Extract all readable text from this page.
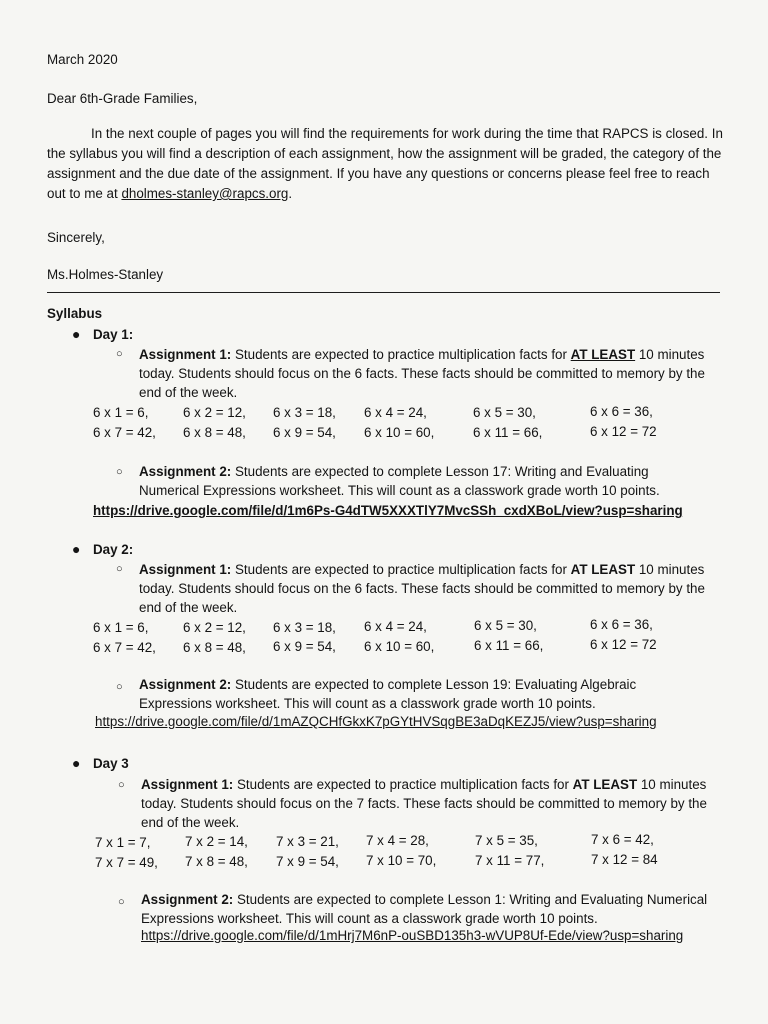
March 2020
Dear 6th-Grade Families,
In the next couple of pages you will find the requirements for work during the time that RAPCS is closed. In the syllabus you will find a description of each assignment, how the assignment will be graded, the category of the assignment and the due date of the assignment. If you have any questions or concerns please feel free to reach out to me at dholmes-stanley@rapcs.org.
Sincerely,
Ms.Holmes-Stanley
Syllabus
● Day 1:
○ Assignment 1: Students are expected to practice multiplication facts for AT LEAST 10 minutes today. Students should focus on the 6 facts. These facts should be committed to memory by the end of the week.
6 x 1 = 6,	6 x 2 = 12, 6 x 3 = 18, 6 x 4 = 24,	6 x 5 = 30,	6 x 6 = 36,
6 x 7 = 42, 6 x 8 = 48, 6 x 9 = 54, 6 x 10 = 60,	6 x 11 = 66,	6 x 12 = 72
○ Assignment 2: Students are expected to complete Lesson 17: Writing and Evaluating Numerical Expressions worksheet. This will count as a classwork grade worth 10 points.
https://drive.google.com/file/d/1m6Ps-G4dTW5XXXTlY7MvcSSh_cxdXBoL/view?usp=sharing
● Day 2:
○ Assignment 1: Students are expected to practice multiplication facts for AT LEAST 10 minutes today. Students should focus on the 6 facts. These facts should be committed to memory by the end of the week.
6 x 1 = 6,	6 x 2 = 12, 6 x 3 = 18, 6 x 4 = 24,	6 x 5 = 30,	6 x 6 = 36,
6 x 7 = 42, 6 x 8 = 48, 6 x 9 = 54, 6 x 10 = 60,	6 x 11 = 66,	6 x 12 = 72
○ Assignment 2: Students are expected to complete Lesson 19: Evaluating Algebraic Expressions worksheet. This will count as a classwork grade worth 10 points.
https://drive.google.com/file/d/1mAZQCHfGkxK7pGYtHVSqgBE3aDqKEZJ5/view?usp=sharing
● Day 3
○ Assignment 1: Students are expected to practice multiplication facts for AT LEAST 10 minutes today. Students should focus on the 7 facts. These facts should be committed to memory by the end of the week.
7 x 1 = 7,	7 x 2 = 14, 7 x 3 = 21, 7 x 4 = 28,	7 x 5 = 35,	7 x 6 = 42,
7 x 7 = 49, 7 x 8 = 48, 7 x 9 = 54, 7 x 10 = 70,	7 x 11 = 77,	7 x 12 = 84
○ Assignment 2: Students are expected to complete Lesson 1: Writing and Evaluating Numerical Expressions worksheet. This will count as a classwork grade worth 10 points.
https://drive.google.com/file/d/1mHrj7M6nP-ouSBD135h3-wVUP8Uf-Ede/view?usp=sharing
